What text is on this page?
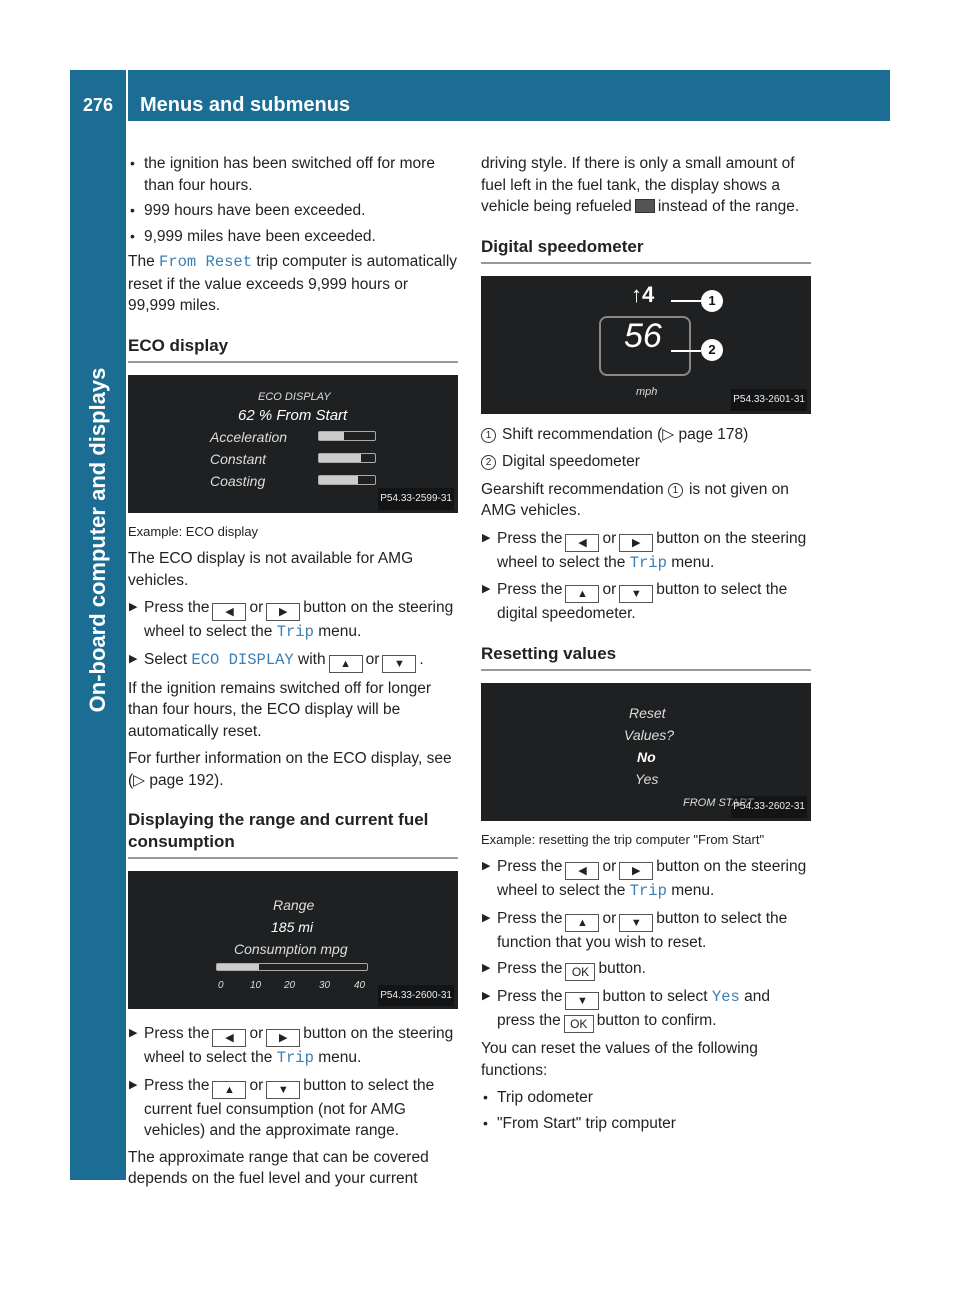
276	Menus and submenus
On-board computer and displays
• the ignition has been switched off for more than four hours.
• 999 hours have been exceeded.
• 9,999 miles have been exceeded.

The From Reset trip computer is automatically reset if the value exceeds 9,999 hours or 99,999 miles.

ECO display
ECO DISPLAY
62 % From Start
Acceleration
Constant
Coasting
P54.33-2599-31
Example: ECO display

The ECO display is not available for AMG vehicles.

▶ Press the ◀ or ▶ button on the steering wheel to select the Trip menu.
▶ Select ECO DISPLAY with ▲ or ▼ .

If the ignition remains switched off for longer than four hours, the ECO display will be automatically reset.

For further information on the ECO display, see (▷ page 192).

Displaying the range and current fuel consumption
Range
185 mi
Consumption mpg
0	10 20 30 40
P54.33-2600-31
▶ Press the ◀ or ▶ button on the steering wheel to select the Trip menu.
▶ Press the ▲ or ▼ button to select the current fuel consumption (not for AMG vehicles) and the approximate range.

The approximate range that can be covered depends on the fuel level and your current

driving style. If there is only a small amount of fuel left in the fuel tank, the display shows a vehicle being refueled instead of the range.

Digital speedometer
↑4
56
mph
1
2
P54.33-2601-31

1 Shift recommendation (▷ page 178)

2 Digital speedometer

Gearshift recommendation 1 is not given on AMG vehicles.

▶ Press the ◀ or ▶ button on the steering wheel to select the Trip menu.
▶ Press the ▲ or ▼ button to select the digital speedometer.
Resetting values
Reset
Values?
No
Yes
FROM START
P54.33-2602-31
Example: resetting the trip computer "From Start"
▶ Press the ◀ or ▶ button on the steering wheel to select the Trip menu.
▶ Press the ▲ or ▼ button to select the function that you wish to reset.
▶ Press the OK button.
▶ Press the ▼ button to select Yes and press the OK button to confirm.

You can reset the values of the following functions:

• Trip odometer
• "From Start" trip computer
